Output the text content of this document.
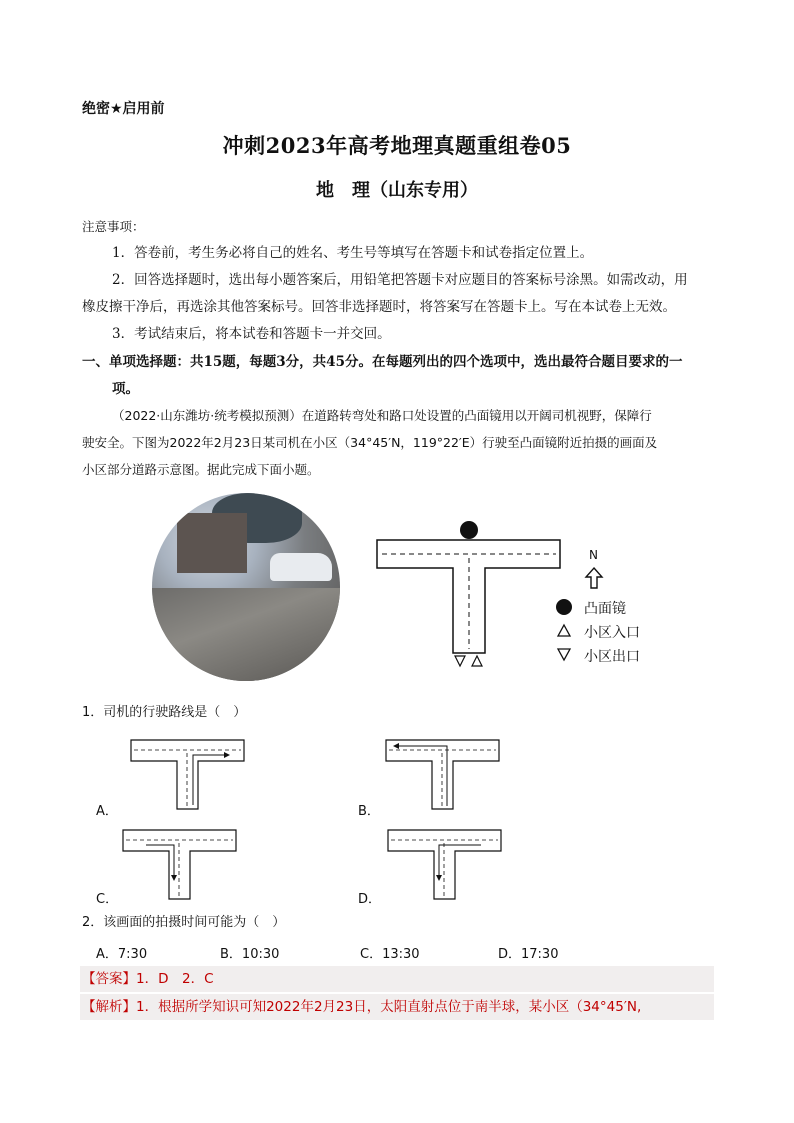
绝密★启用前
冲刺2023年高考地理真题重组卷05
地　理（山东专用）
注意事项：
1．答卷前，考生务必将自己的姓名、考生号等填写在答题卡和试卷指定位置上。
2．回答选择题时，选出每小题答案后，用铅笔把答题卡对应题目的答案标号涂黑。如需改动，用
橡皮擦干净后，再选涂其他答案标号。回答非选择题时，将答案写在答题卡上。写在本试卷上无效。
3．考试结束后，将本试卷和答题卡一并交回。
一、单项选择题：共15题，每题3分，共45分。在每题列出的四个选项中，选出最符合题目要求的一
项。
（2022·山东潍坊·统考模拟预测）在道路转弯处和路口处设置的凸面镜用以开阔司机视野，保障行
驶安全。下图为2022年2月23日某司机在小区（34°45′N，119°22′E）行驶至凸面镜附近拍摄的画面及
小区部分道路示意图。据此完成下面小题。
N
凸面镜
小区入口
小区出口
1．司机的行驶路线是（　）
A．	B．
C．	D．
2．该画面的拍摄时间可能为（　）
A．7:30	B．10:30	C．13:30	D．17:30
【答案】1．D　2．C
【解析】1．根据所学知识可知2022年2月23日，太阳直射点位于南半球，某小区（34°45′N,
